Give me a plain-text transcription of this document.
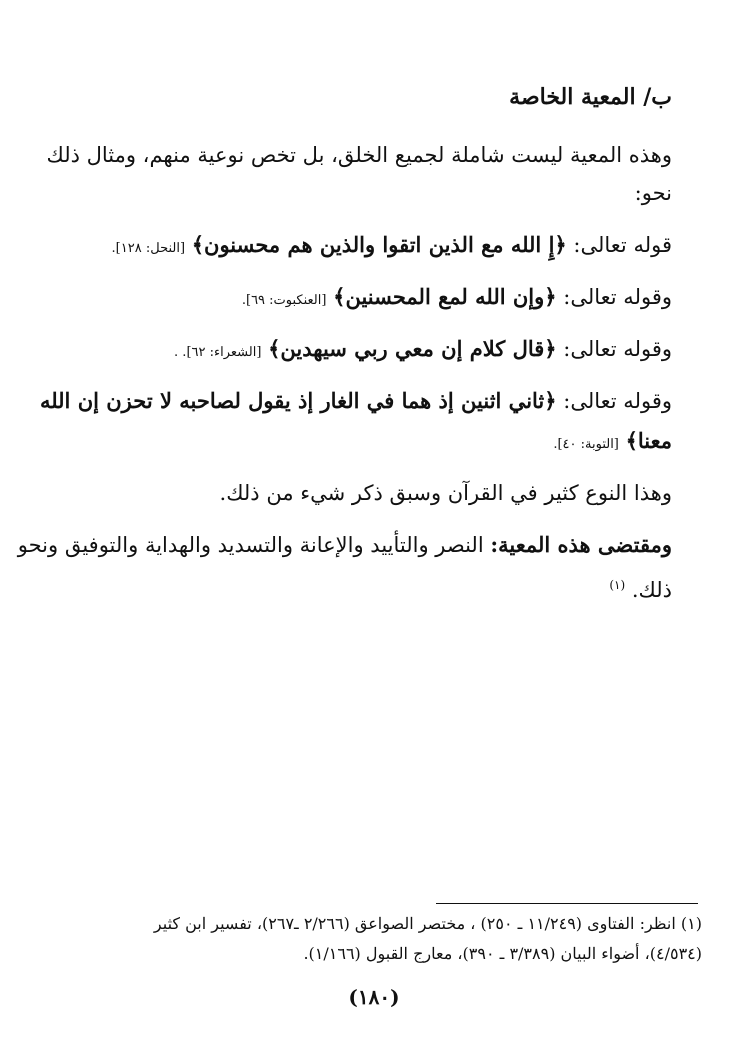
ب/ المعية الخاصة
وهذه المعية ليست شاملة لجميع الخلق، بل تخص نوعية منهم، ومثال ذلك
نحو:
قوله تعالى: ﴿إِ الله مع الذين اتقوا والذين هم محسنون﴾ [النحل: ١٢٨].
وقوله تعالى: ﴿وإن الله لمع المحسنين﴾ [العنكبوت: ٦٩].
وقوله تعالى: ﴿قال كلام إن معي ربي سيهدين﴾ [الشعراء: ٦٢]. .
وقوله تعالى: ﴿ثاني اثنين إذ هما في الغار إذ يقول لصاحبه لا تحزن إن الله
معنا﴾ [التوبة: ٤٠].
وهذا النوع كثير في القرآن وسبق ذكر شيء من ذلك.
ومقتضى هذه المعية: النصر والتأييد والإعانة والتسديد والهداية والتوفيق ونحو
ذلك. $^{(١)}$
(١) انظر: الفتاوى (١١/٢٤٩ ـ ٢٥٠) ، مختصر الصواعق (٢/٢٦٦ ـ٢٦٧)، تفسير ابن كثير
(٤/٥٣٤)، أضواء البيان (٣/٣٨٩ ـ ٣٩٠)، معارج القبول (١/١٦٦).
(١٨٠)
